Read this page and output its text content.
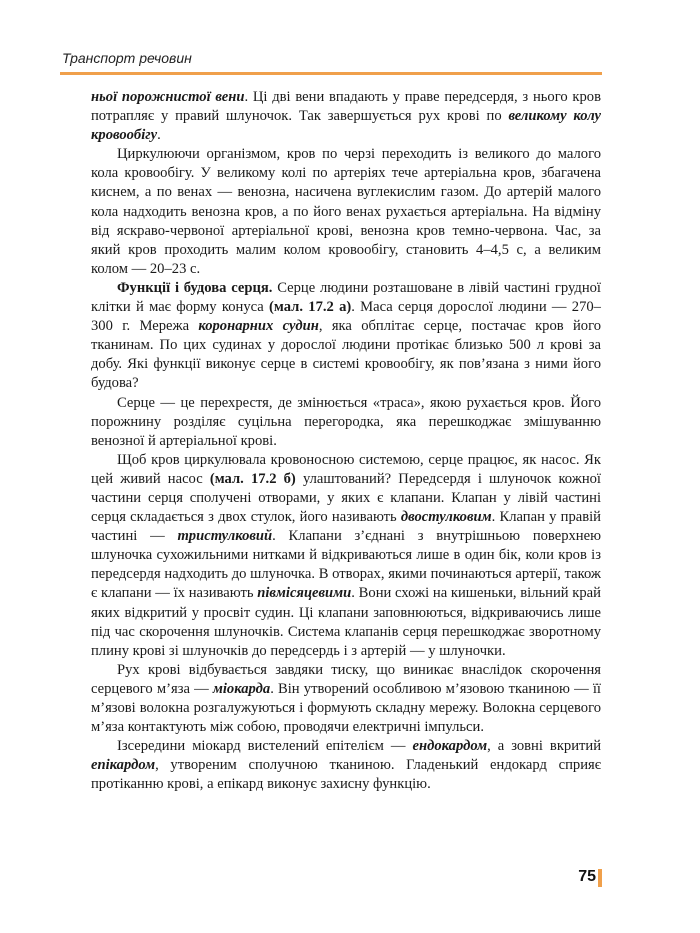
Транспорт речовин

ньої порожнистої вени. Ці дві вени впадають у праве передсердя, з нього кров потрапляє у правий шлуночок. Так завершується рух крові по великому колу кровообігу.

Циркулюючи організмом, кров по черзі переходить із великого до малого кола кровообігу. У великому колі по артеріях тече артеріальна кров, збагачена киснем, а по венах — венозна, насичена вуглекислим газом. До артерій малого кола надходить венозна кров, а по його венах рухається артеріальна. На відміну від яскраво-червоної артеріальної крові, венозна кров темно-червона. Час, за який кров проходить малим колом кровообігу, становить 4–4,5 с, а великим колом — 20–23 с.

Функції і будова серця. Серце людини розташоване в лівій частині грудної клітки й має форму конуса (мал. 17.2 а). Маса серця дорослої людини — 270–300 г. Мережа коронарних судин, яка обплітає серце, постачає кров його тканинам. По цих судинах у дорослої людини протікає близько 500 л крові за добу. Які функції виконує серце в системі кровообігу, як пов’язана з ними його будова?

Серце — це перехрестя, де змінюється «траса», якою рухається кров. Його порожнину розділяє суцільна перегородка, яка перешкоджає змішуванню венозної й артеріальної крові.

Щоб кров циркулювала кровоносною системою, серце працює, як насос. Як цей живий насос (мал. 17.2 б) улаштований? Передсердя і шлуночок кожної частини серця сполучені отворами, у яких є клапани. Клапан у лівій частині серця складається з двох стулок, його називають двостулковим. Клапан у правій частині — тристулковий. Клапани з’єднані з внутрішньою поверхнею шлуночка сухожильними нитками й відкриваються лише в один бік, коли кров із передсердя надходить до шлуночка. В отворах, якими починаються артерії, також є клапани — їх називають півмісяцевими. Вони схожі на кишеньки, вільний край яких відкритий у просвіт судин. Ці клапани заповнюються, відкриваючись лише під час скорочення шлуночків. Система клапанів серця перешкоджає зворотному плину крові зі шлуночків до передсердь і з артерій — у шлуночки.

Рух крові відбувається завдяки тиску, що виникає внаслідок скорочення серцевого м’яза — міокарда. Він утворений особливою м’язовою тканиною — її м’язові волокна розгалужуються і формують складну мережу. Волокна серцевого м’яза контактують між собою, проводячи електричні імпульси.

Ізсередини міокард вистелений епітелієм — ендокардом, а зовні вкритий епікардом, утвореним сполучною тканиною. Гладенький ендокард сприяє протіканню крові, а епікард виконує захисну функцію.

75
